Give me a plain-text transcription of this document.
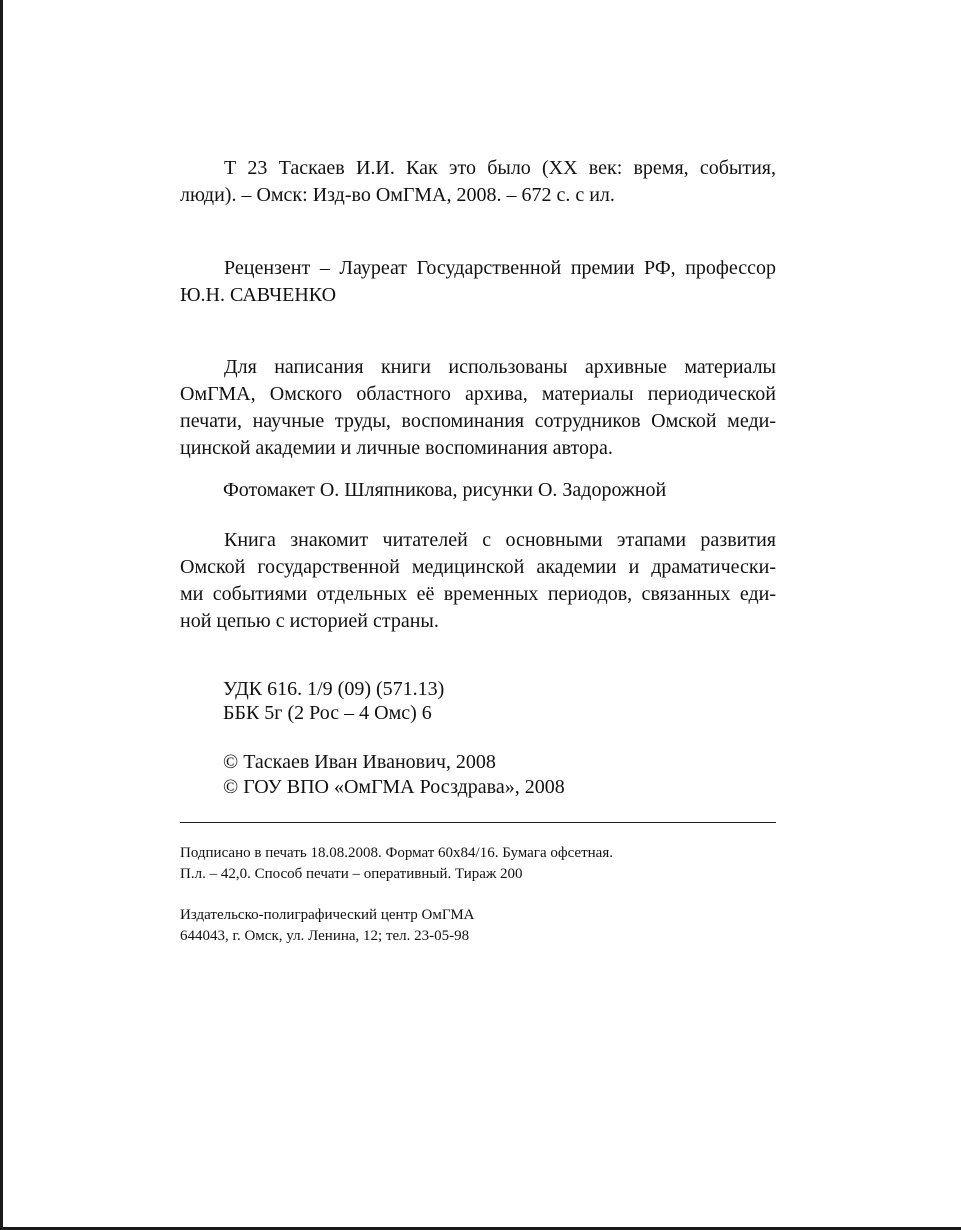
Т 23 Таскаев И.И. Как это было (XX век: время, события,
люди). – Омск: Изд-во ОмГМА, 2008. – 672 с. с ил.
Рецензент – Лауреат Государственной премии РФ, профессор
Ю.Н. САВЧЕНКО
Для написания книги использованы архивные материалы
ОмГМА, Омского областного архива, материалы периодической
печати, научные труды, воспоминания сотрудников Омской меди-
цинской академии и личные воспоминания автора.
Фотомакет О. Шляпникова, рисунки О. Задорожной
Книга знакомит читателей с основными этапами развития
Омской государственной медицинской академии и драматически-
ми событиями отдельных её временных периодов, связанных еди-
ной цепью с историей страны.
УДК 616. 1/9 (09) (571.13)
ББК 5г (2 Рос – 4 Омс) 6
© Таскаев Иван Иванович, 2008
© ГОУ ВПО «ОмГМА Росздрава», 2008
Подписано в печать 18.08.2008. Формат 60x84/16. Бумага офсетная.
П.л. – 42,0. Способ печати – оперативный. Тираж 200
Издательско-полиграфический центр ОмГМА
644043, г. Омск, ул. Ленина, 12; тел. 23-05-98
